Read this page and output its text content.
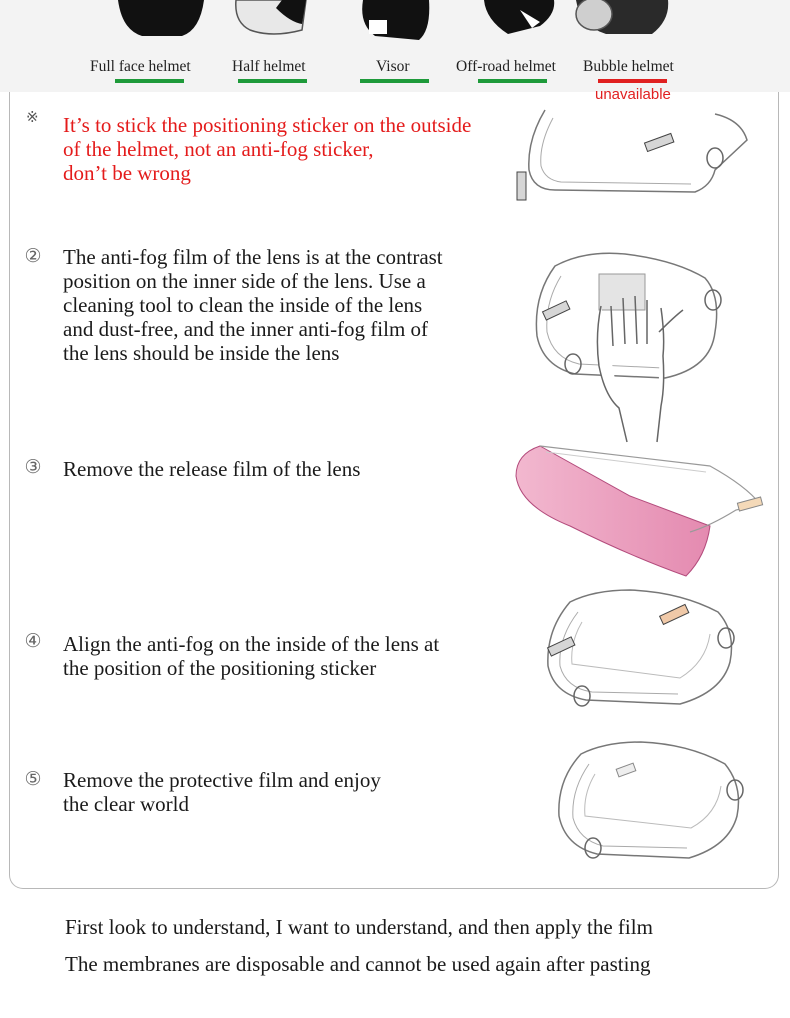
Full face helmet	Half helmet	Visor	Off-road helmet Bubble helmet
unavailable
※ It’s to stick the positioning sticker on the outside
of the helmet, not an anti-fog sticker,
don’t be wrong
② The anti-fog film of the lens is at the contrast
position on the inner side of the lens. Use a
cleaning tool to clean the inside of the lens
and dust-free, and the inner anti-fog film of
the lens should be inside the lens
③ Remove the release film of the lens
④ Align the anti-fog on the inside of the lens at
the position of the positioning sticker
⑤ Remove the protective film and enjoy
the clear world
First look to understand, I want to understand, and then apply the film
The membranes are disposable and cannot be used again after pasting
